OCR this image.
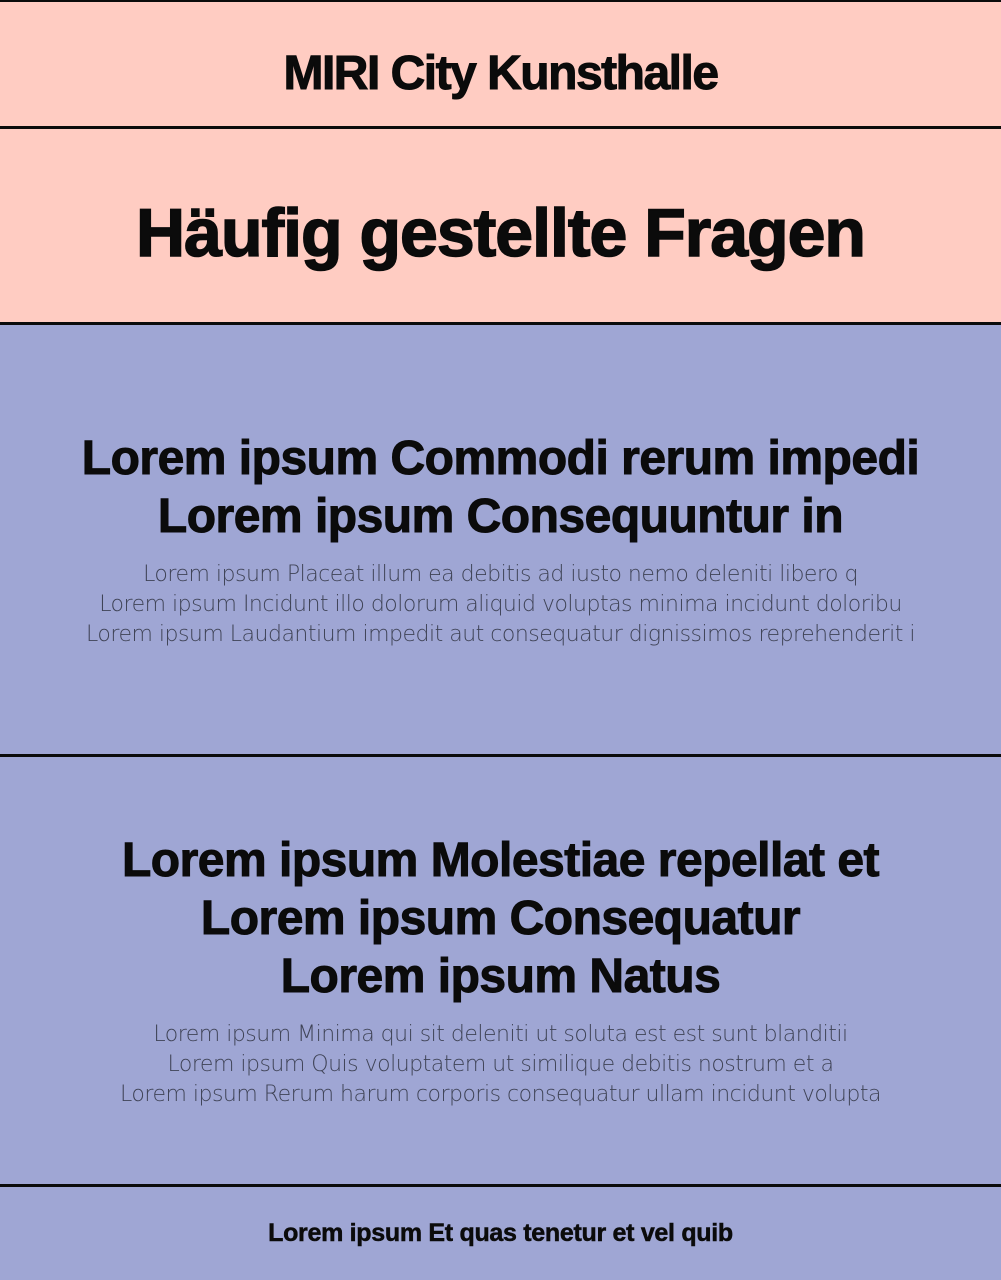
MIRI City Kunsthalle
Häufig gestellte Fragen
Lorem ipsum Commodi rerum impedi
Lorem ipsum Consequuntur in
Lorem ipsum Placeat illum ea debitis ad iusto nemo deleniti libero q
Lorem ipsum Incidunt illo dolorum aliquid voluptas minima incidunt doloribu
Lorem ipsum Laudantium impedit aut consequatur dignissimos reprehenderit i
Lorem ipsum Molestiae repellat et
Lorem ipsum Consequatur
Lorem ipsum Natus
Lorem ipsum Minima qui sit deleniti ut soluta est est sunt blanditii
Lorem ipsum Quis voluptatem ut similique debitis nostrum et a
Lorem ipsum Rerum harum corporis consequatur ullam incidunt volupta
Lorem ipsum Et quas tenetur et vel quib
